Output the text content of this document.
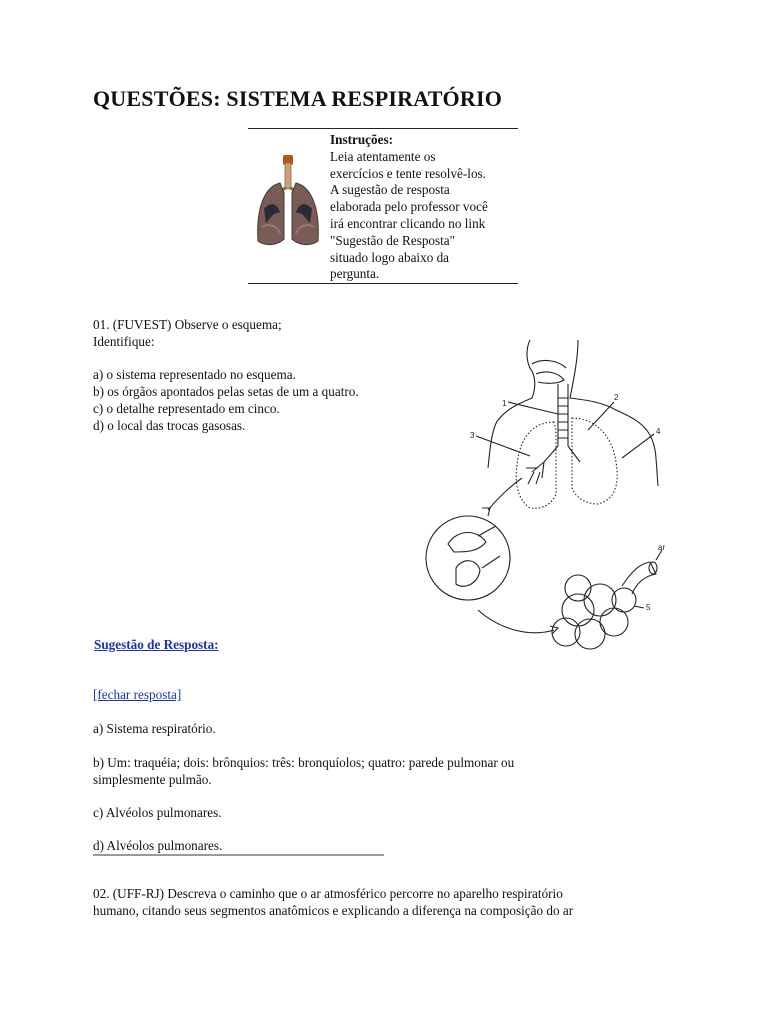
QUESTÕES: SISTEMA RESPIRATÓRIO
Instruções:
Leia atentamente os
exercícios e tente resolvê-los.
A sugestão de resposta
elaborada pelo professor você
irá encontrar clicando no link
"Sugestão de Resposta"
situado logo abaixo da
pergunta.
01. (FUVEST) Observe o esquema;
Identifique:
a) o sistema representado no esquema.
b) os órgãos apontados pelas setas de um a quatro.
c) o detalhe representado em cinco.
d) o local das trocas gasosas.
1
2
3	4
5
ar
Sugestão de Resposta:
[fechar resposta]
a) Sistema respiratório.
b) Um: traquéia; dois: brônquios: três: bronquíolos; quatro: parede pulmonar ou
simplesmente pulmão.
c) Alvéolos pulmonares.
d) Alvéolos pulmonares.
02. (UFF-RJ) Descreva o caminho que o ar atmosférico percorre no aparelho respiratório
humano, citando seus segmentos anatômicos e explicando a diferença na composição do ar
